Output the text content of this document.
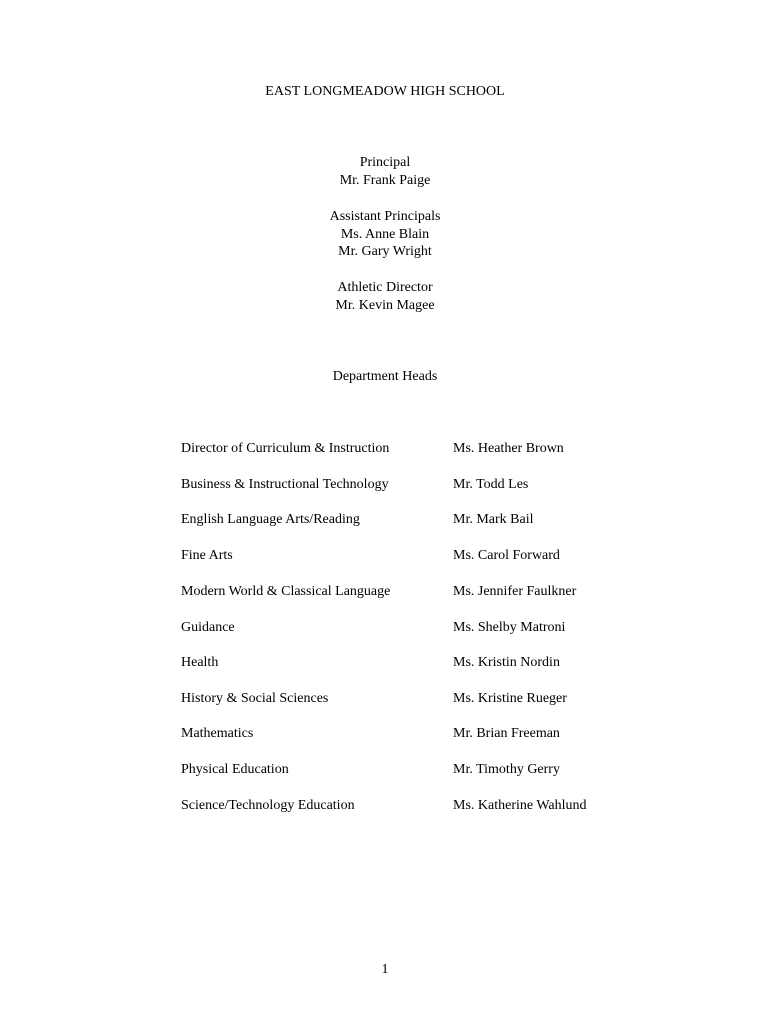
EAST LONGMEADOW HIGH SCHOOL
Principal
Mr. Frank Paige
Assistant Principals
Ms. Anne Blain
Mr. Gary Wright
Athletic Director
Mr. Kevin Magee
Department Heads
Director of Curriculum & Instruction	Ms. Heather Brown
Business & Instructional Technology	Mr. Todd Les
English Language Arts/Reading	Mr. Mark Bail
Fine Arts	Ms. Carol Forward
Modern World & Classical Language	Ms. Jennifer Faulkner
Guidance	Ms. Shelby Matroni
Health	Ms. Kristin Nordin
History & Social Sciences	Ms. Kristine Rueger
Mathematics	Mr. Brian Freeman
Physical Education	Mr. Timothy Gerry
Science/Technology Education	Ms. Katherine Wahlund
1
